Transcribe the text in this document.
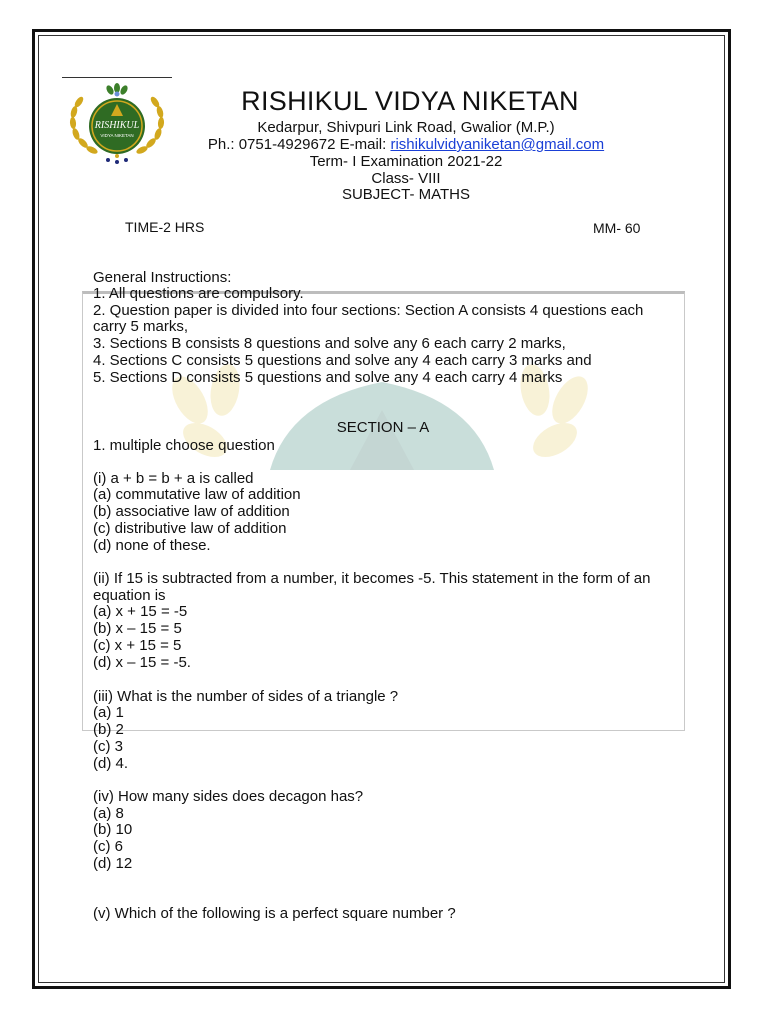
RISHIKUL
VIDYA NIKETAN
RISHIKUL VIDYA NIKETAN
Kedarpur, Shivpuri Link Road, Gwalior (M.P.)
Ph.: 0751-4929672 E-mail: rishikulvidyaniketan@gmail.com
Term- I Examination 2021-22
Class- VIII
SUBJECT- MATHS
TIME-2 HRS	MM- 60
General Instructions:
1. All questions are compulsory.
2. Question paper is divided into four sections: Section A consists 4 questions each
carry 5 marks,
3. Sections B consists 8 questions and solve any 6 each carry 2 marks,
4. Sections C consists 5 questions and solve any 4 each carry 3 marks and
5. Sections D consists 5 questions and solve any 4 each carry 4 marks
SECTION – A
1. multiple choose question
(i) a + b = b + a is called
(a) commutative law of addition
(b) associative law of addition
(c) distributive law of addition
(d) none of these.
(ii) If 15 is subtracted from a number, it becomes -5. This statement in the form of an
equation is
(a) x + 15 = -5
(b) x – 15 = 5
(c) x + 15 = 5
(d) x – 15 = -5.
(iii) What is the number of sides of a triangle ?
(a) 1
(b) 2
(c) 3
(d) 4.
(iv) How many sides does decagon has?
(a) 8
(b) 10
(c) 6
(d) 12
(v) Which of the following is a perfect square number ?
